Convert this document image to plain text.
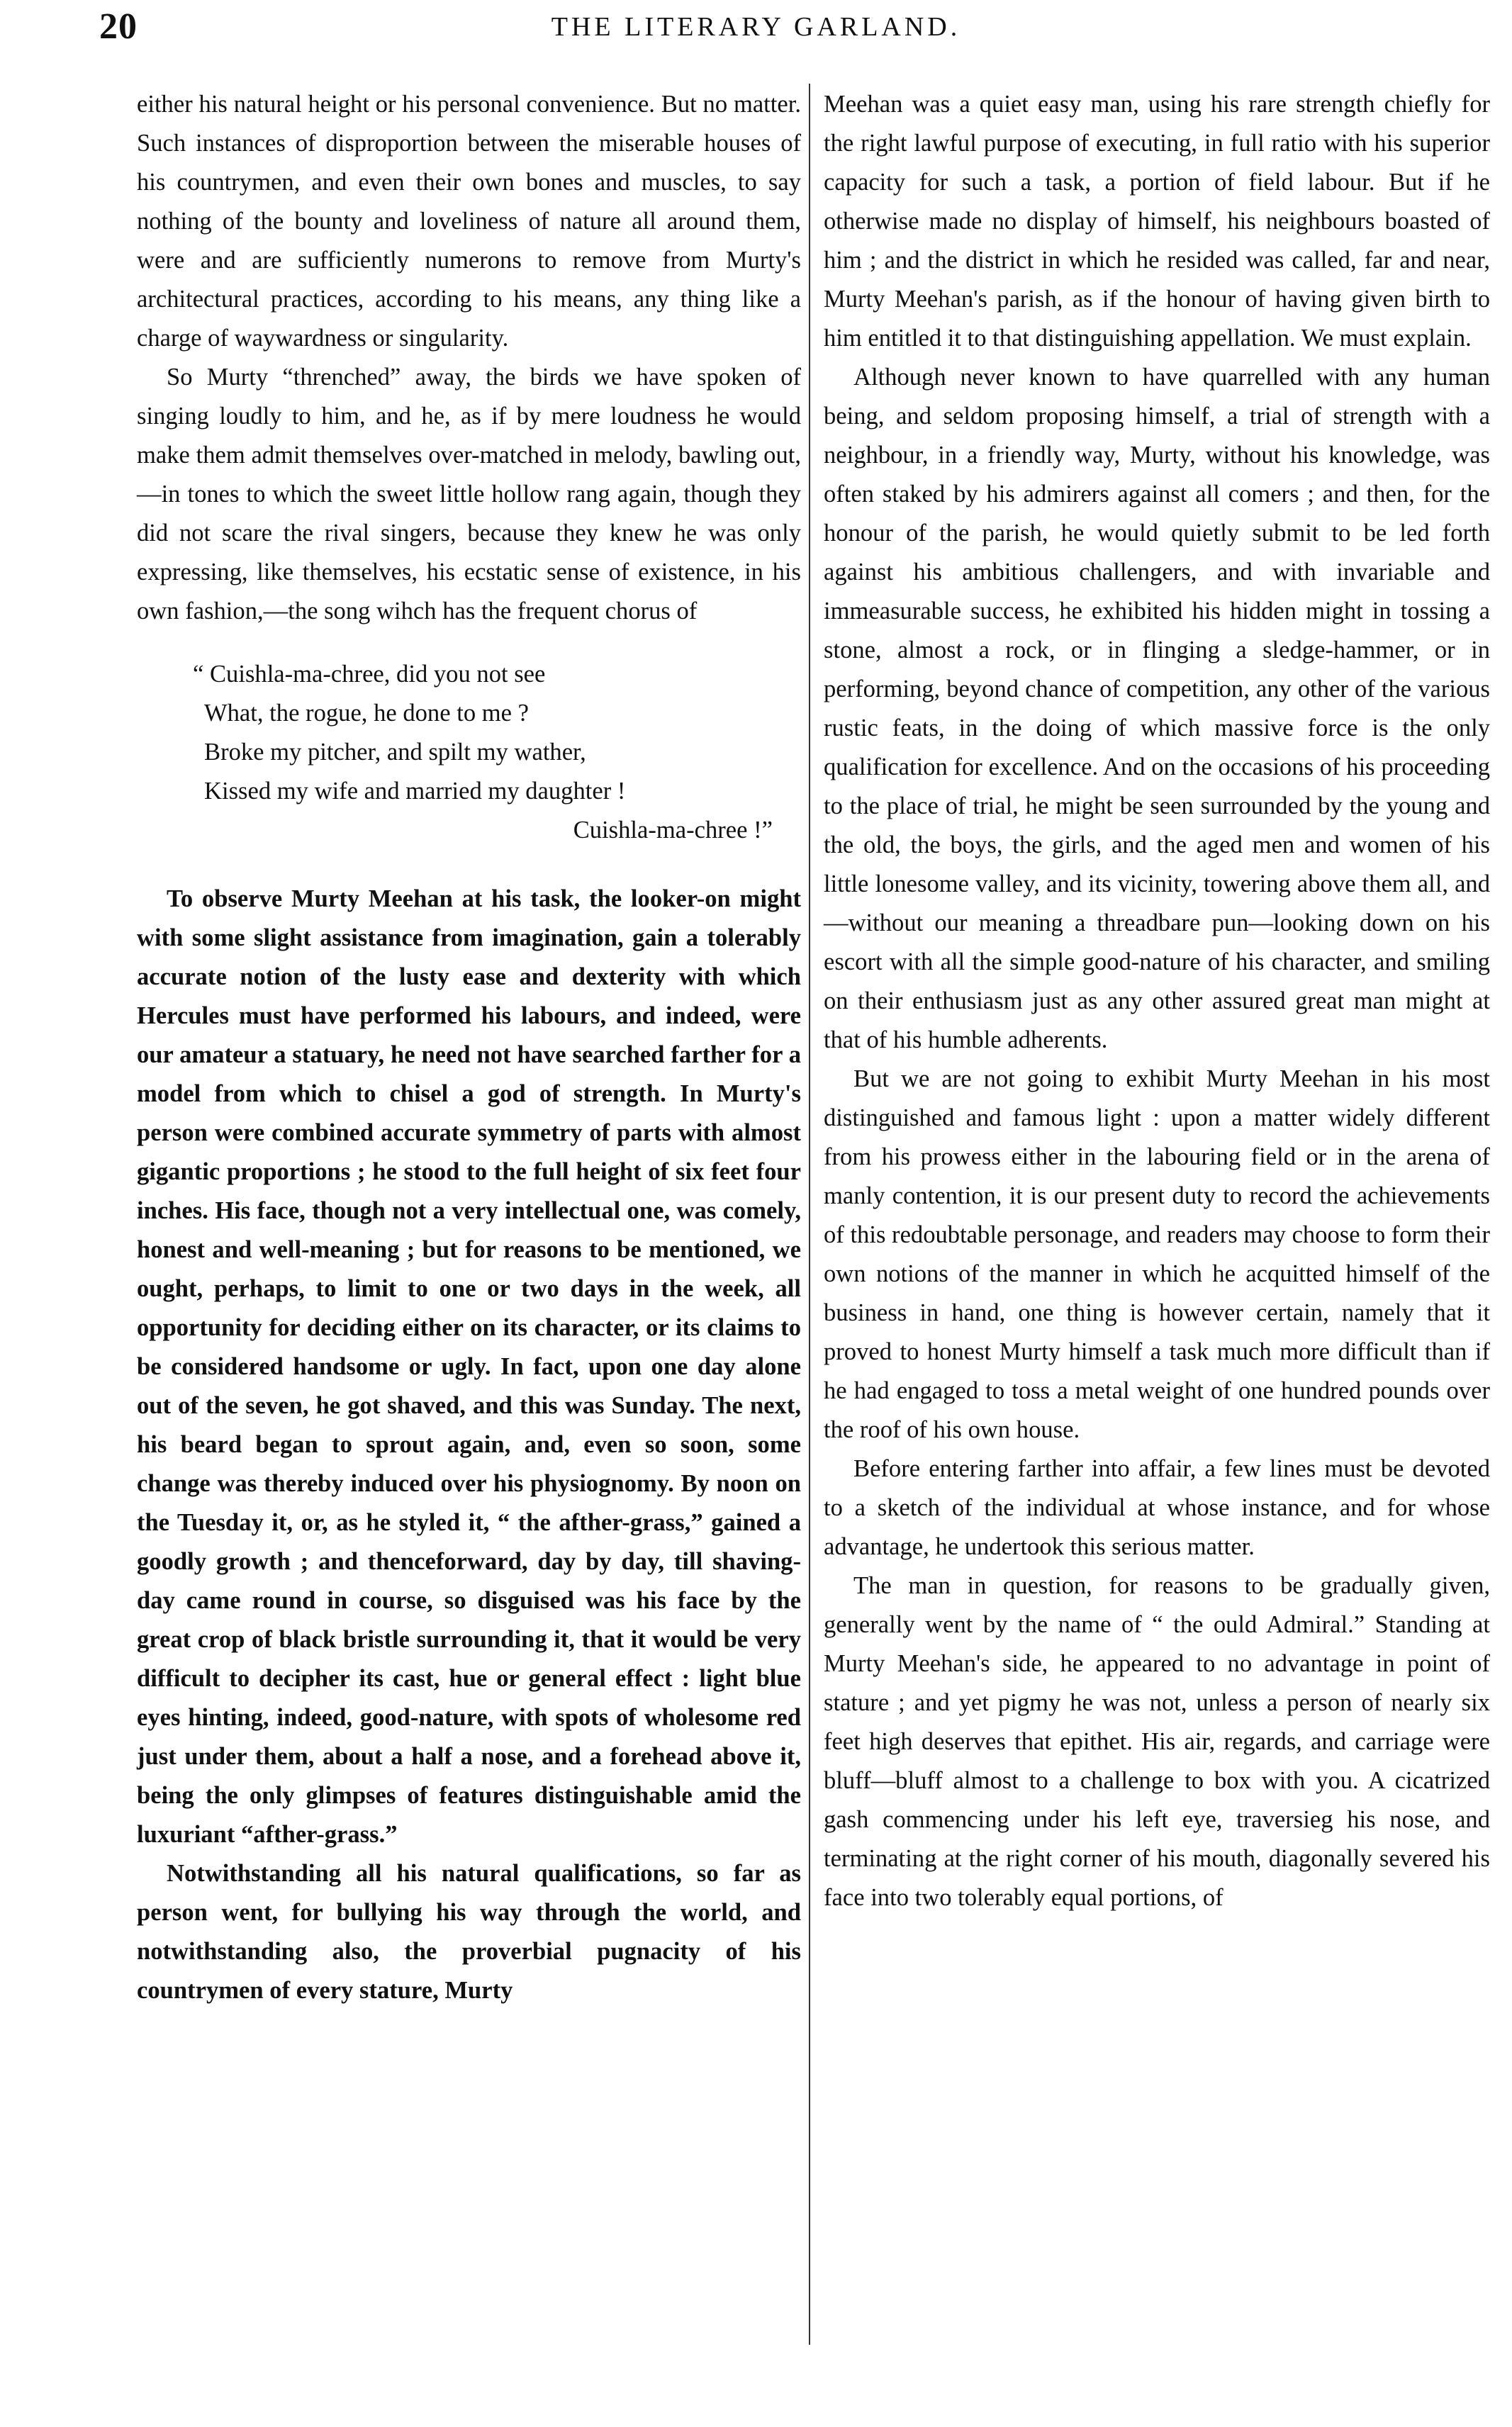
20	THE LITERARY GARLAND.

either his natural height or his personal convenience. But no matter. Such instances of disproportion between the miserable houses of his countrymen, and even their own bones and muscles, to say nothing of the bounty and loveliness of nature all around them, were and are sufficiently numerons to remove from Murty's architectural practices, according to his means, any thing like a charge of waywardness or singularity.

So Murty “threnched” away, the birds we have spoken of singing loudly to him, and he, as if by mere loudness he would make them admit themselves over-matched in melody, bawling out,—in tones to which the sweet little hollow rang again, though they did not scare the rival singers, because they knew he was only expressing, like themselves, his ecstatic sense of existence, in his own fashion,—the song wihch has the frequent chorus of

“ Cuishla-ma-chree, did you not see
What, the rogue, he done to me ?
Broke my pitcher, and spilt my wather,
Kissed my wife and married my daughter !
Cuishla-ma-chree !”

To observe Murty Meehan at his task, the looker-on might with some slight assistance from imagination, gain a tolerably accurate notion of the lusty ease and dexterity with which Hercules must have performed his labours, and indeed, were our amateur a statuary, he need not have searched farther for a model from which to chisel a god of strength. In Murty's person were combined accurate symmetry of parts with almost gigantic proportions ; he stood to the full height of six feet four inches. His face, though not a very intellectual one, was comely, honest and well-meaning ; but for reasons to be mentioned, we ought, perhaps, to limit to one or two days in the week, all opportunity for deciding either on its character, or its claims to be considered handsome or ugly. In fact, upon one day alone out of the seven, he got shaved, and this was Sunday. The next, his beard began to sprout again, and, even so soon, some change was thereby induced over his physiognomy. By noon on the Tuesday it, or, as he styled it, “ the afther-grass,” gained a goodly growth ; and thenceforward, day by day, till shaving-day came round in course, so disguised was his face by the great crop of black bristle surrounding it, that it would be very difficult to decipher its cast, hue or general effect : light blue eyes hinting, indeed, good-nature, with spots of wholesome red just under them, about a half a nose, and a forehead above it, being the only glimpses of features distinguishable amid the luxuriant “afther-grass.”

Notwithstanding all his natural qualifications, so far as person went, for bullying his way through the world, and notwithstanding also, the proverbial pugnacity of his countrymen of every stature, Murty

Meehan was a quiet easy man, using his rare strength chiefly for the right lawful purpose of executing, in full ratio with his superior capacity for such a task, a portion of field labour. But if he otherwise made no display of himself, his neighbours boasted of him ; and the district in which he resided was called, far and near, Murty Meehan's parish, as if the honour of having given birth to him entitled it to that distinguishing appellation. We must explain.

Although never known to have quarrelled with any human being, and seldom proposing himself, a trial of strength with a neighbour, in a friendly way, Murty, without his knowledge, was often staked by his admirers against all comers ; and then, for the honour of the parish, he would quietly submit to be led forth against his ambitious challengers, and with invariable and immeasurable success, he exhibited his hidden might in tossing a stone, almost a rock, or in flinging a sledge-hammer, or in performing, beyond chance of competition, any other of the various rustic feats, in the doing of which massive force is the only qualification for excellence. And on the occasions of his proceeding to the place of trial, he might be seen surrounded by the young and the old, the boys, the girls, and the aged men and women of his little lonesome valley, and its vicinity, towering above them all, and—without our meaning a threadbare pun—looking down on his escort with all the simple good-nature of his character, and smiling on their enthusiasm just as any other assured great man might at that of his humble adherents.

But we are not going to exhibit Murty Meehan in his most distinguished and famous light : upon a matter widely different from his prowess either in the labouring field or in the arena of manly contention, it is our present duty to record the achievements of this redoubtable personage, and readers may choose to form their own notions of the manner in which he acquitted himself of the business in hand, one thing is however certain, namely that it proved to honest Murty himself a task much more difficult than if he had engaged to toss a metal weight of one hundred pounds over the roof of his own house.

Before entering farther into affair, a few lines must be devoted to a sketch of the individual at whose instance, and for whose advantage, he undertook this serious matter.

The man in question, for reasons to be gradually given, generally went by the name of “ the ould Admiral.” Standing at Murty Meehan's side, he appeared to no advantage in point of stature ; and yet pigmy he was not, unless a person of nearly six feet high deserves that epithet. His air, regards, and carriage were bluff—bluff almost to a challenge to box with you. A cicatrized gash commencing under his left eye, traversieg his nose, and terminating at the right corner of his mouth, diagonally severed his face into two tolerably equal portions, of
